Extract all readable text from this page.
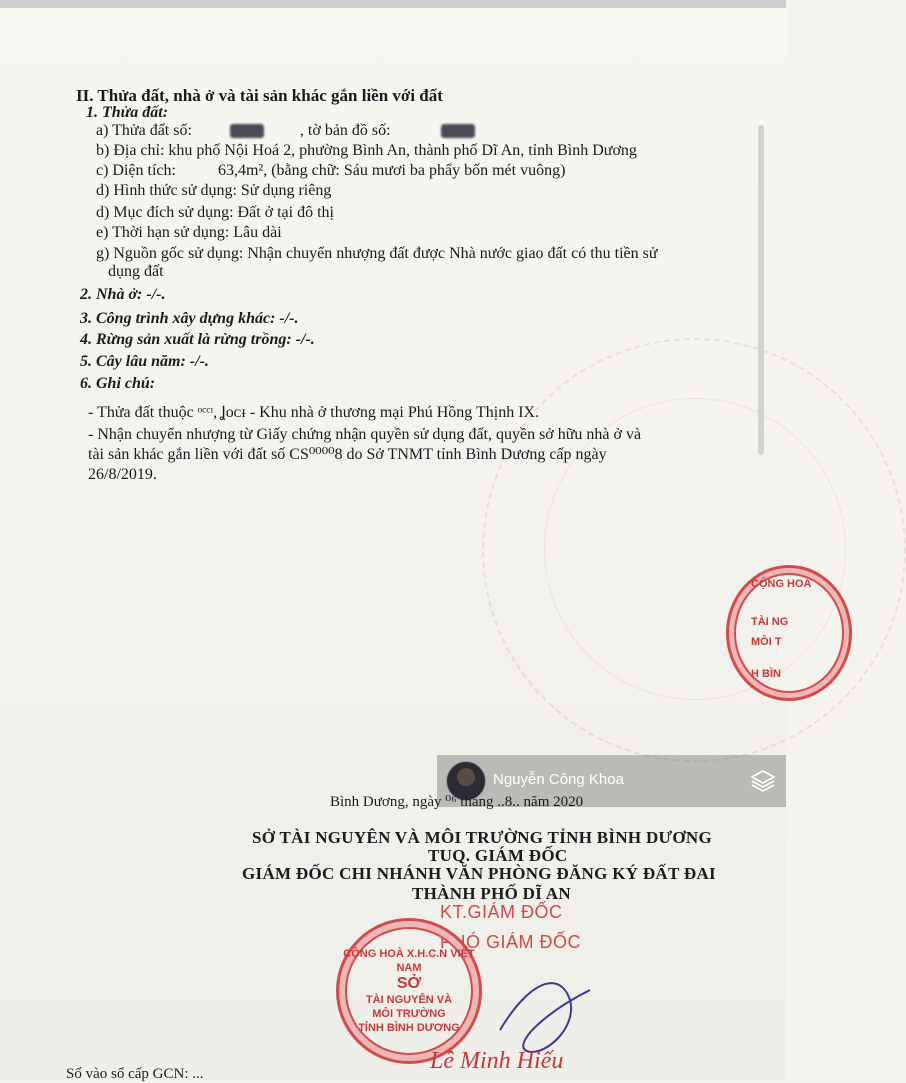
II. Thửa đất, nhà ở và tài sản khác gắn liền với đất
1. Thửa đất:
a) Thửa đất số:	, tờ bản đồ số:
b) Địa chỉ: khu phố Nội Hoá 2, phường Bình An, thành phố Dĩ An, tỉnh Bình Dương
c) Diện tích:	63,4m², (bằng chữ: Sáu mươi ba phẩy bốn mét vuông)
d) Hình thức sử dụng: Sử dụng riêng
d) Mục đích sử dụng: Đất ở tại đô thị
e) Thời hạn sử dụng: Lâu dài
g) Nguồn gốc sử dụng: Nhận chuyển nhượng đất được Nhà nước giao đất có thu tiền sử
dụng đất
2. Nhà ở: -/-.
3. Công trình xây dựng khác: -/-.
4. Rừng sản xuất là rừng trồng: -/-.
5. Cây lâu năm: -/-.
6. Ghi chú:
- Thửa đất thuộc ᵒ︎ᶜᶜᶦ, Ʝᴏᴄᵻ - Khu nhà ở thương mại Phú Hồng Thịnh IX.
- Nhận chuyển nhượng từ Giấy chứng nhận quyền sử dụng đất, quyền sở hữu nhà ở và
tài sản khác gắn liền với đất số CS⁰⁰⁰⁰8 do Sở TNMT tỉnh Bình Dương cấp ngày
26/8/2019.
CỘNG HOÀ
TÀI NG
MÔI T
H BÌN
Nguyễn Công Khoa
Bình Dương, ngày ⁰⁶ tháng ..8.. năm 2020
SỞ TÀI NGUYÊN VÀ MÔI TRƯỜNG TỈNH BÌNH DƯƠNG
TUQ. GIÁM ĐỐC
GIÁM ĐỐC CHI NHÁNH VĂN PHÒNG ĐĂNG KÝ ĐẤT ĐAI
THÀNH PHỐ DĨ AN
KT.GIÁM ĐỐC
PHÓ GIÁM ĐỐC
CỘNG HOÀ X.H.C.N VIỆT NAM
SỞ
TÀI NGUYÊN VÀ
MÔI TRƯỜNG
TỈNH BÌNH DƯƠNG
Lê Minh Hiếu
Số vào sổ cấp GCN: ...
